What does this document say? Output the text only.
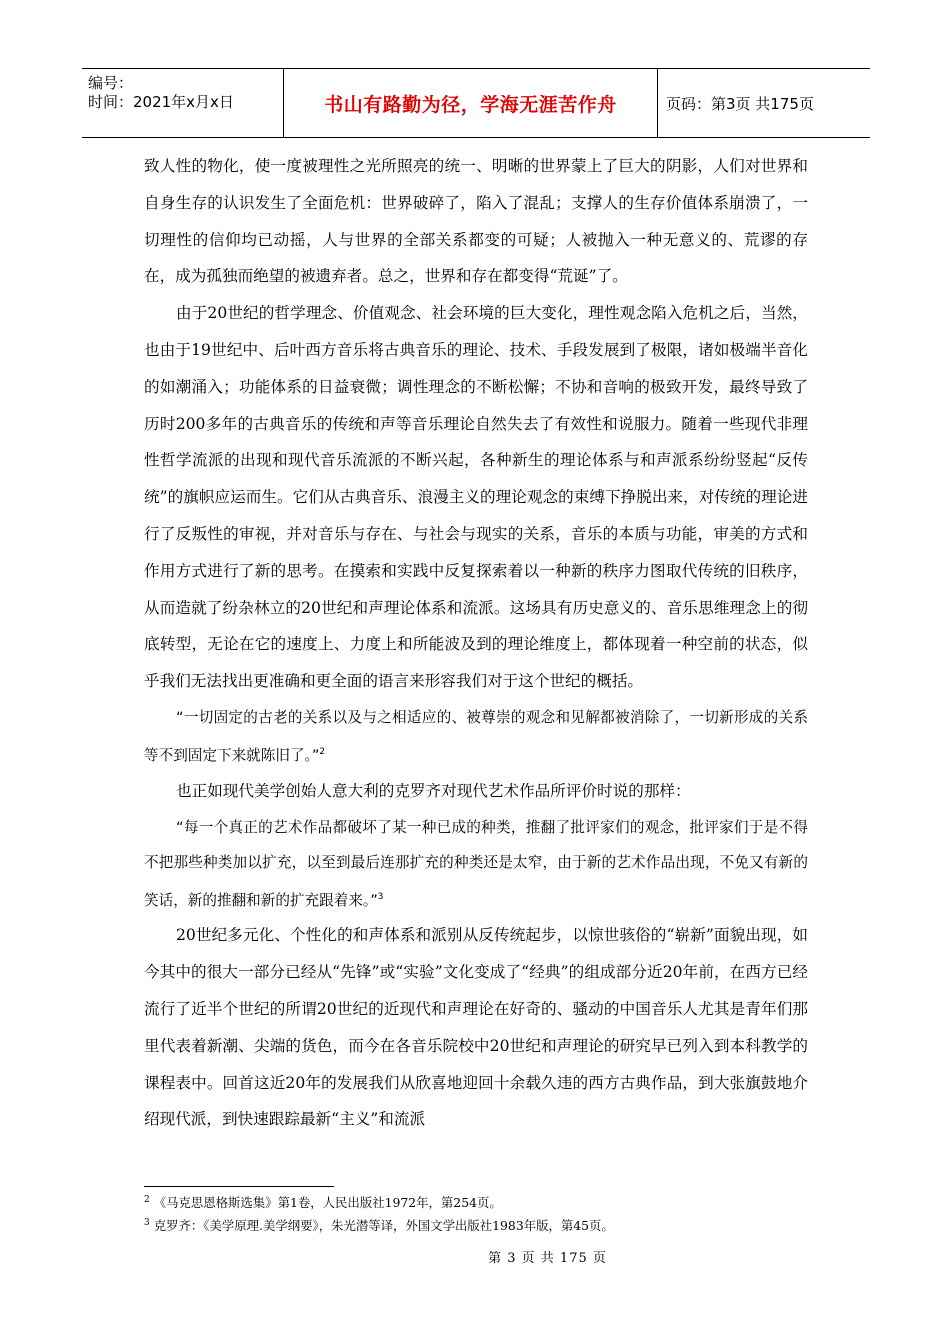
编号：
时间：2021年x月x日	书山有路勤为径，学海无涯苦作舟	页码：第3页 共175页

致人性的物化，使一度被理性之光所照亮的统一、明晰的世界蒙上了巨大的阴影，人们对世界和自身生存的认识发生了全面危机：世界破碎了，陷入了混乱；支撑人的生存价值体系崩溃了，一切理性的信仰均已动摇，人与世界的全部关系都变的可疑；人被抛入一种无意义的、荒谬的存在，成为孤独而绝望的被遗弃者。总之，世界和存在都变得“荒诞”了。

由于20世纪的哲学理念、价值观念、社会环境的巨大变化，理性观念陷入危机之后，当然，也由于19世纪中、后叶西方音乐将古典音乐的理论、技术、手段发展到了极限，诸如极端半音化的如潮涌入；功能体系的日益衰微；调性理念的不断松懈；不协和音响的极致开发，最终导致了历时200多年的古典音乐的传统和声等音乐理论自然失去了有效性和说服力。随着一些现代非理性哲学流派的出现和现代音乐流派的不断兴起，各种新生的理论体系与和声派系纷纷竖起“反传统”的旗帜应运而生。它们从古典音乐、浪漫主义的理论观念的束缚下挣脱出来，对传统的理论进行了反叛性的审视，并对音乐与存在、与社会与现实的关系，音乐的本质与功能，审美的方式和作用方式进行了新的思考。在摸索和实践中反复探索着以一种新的秩序力图取代传统的旧秩序，从而造就了纷杂林立的20世纪和声理论体系和流派。这场具有历史意义的、音乐思维理念上的彻底转型，无论在它的速度上、力度上和所能波及到的理论维度上，都体现着一种空前的状态，似乎我们无法找出更准确和更全面的语言来形容我们对于这个世纪的概括。

“一切固定的古老的关系以及与之相适应的、被尊崇的观念和见解都被消除了，一切新形成的关系等不到固定下来就陈旧了。”$^2$

也正如现代美学创始人意大利的克罗齐对现代艺术作品所评价时说的那样：

“每一个真正的艺术作品都破坏了某一种已成的种类，推翻了批评家们的观念，批评家们于是不得不把那些种类加以扩充，以至到最后连那扩充的种类还是太窄，由于新的艺术作品出现，不免又有新的笑话，新的推翻和新的扩充跟着来。”$^3$

20世纪多元化、个性化的和声体系和派别从反传统起步，以惊世骇俗的“崭新”面貌出现，如今其中的很大一部分已经从“先锋”或“实验”文化变成了“经典”的组成部分近20年前，在西方已经流行了近半个世纪的所谓20世纪的近现代和声理论在好奇的、骚动的中国音乐人尤其是青年们那里代表着新潮、尖端的货色，而今在各音乐院校中20世纪和声理论的研究早已列入到本科教学的课程表中。回首这近20年的发展我们从欣喜地迎回十余载久违的西方古典作品，到大张旗鼓地介绍现代派，到快速跟踪最新“主义”和流派

$^2$ 《马克思恩格斯选集》第1卷，人民出版社1972年，第254页。
$^3$ 克罗齐：《美学原理.美学纲要》，朱光潜等译，外国文学出版社1983年版，第45页。
第 3 页 共 175 页
